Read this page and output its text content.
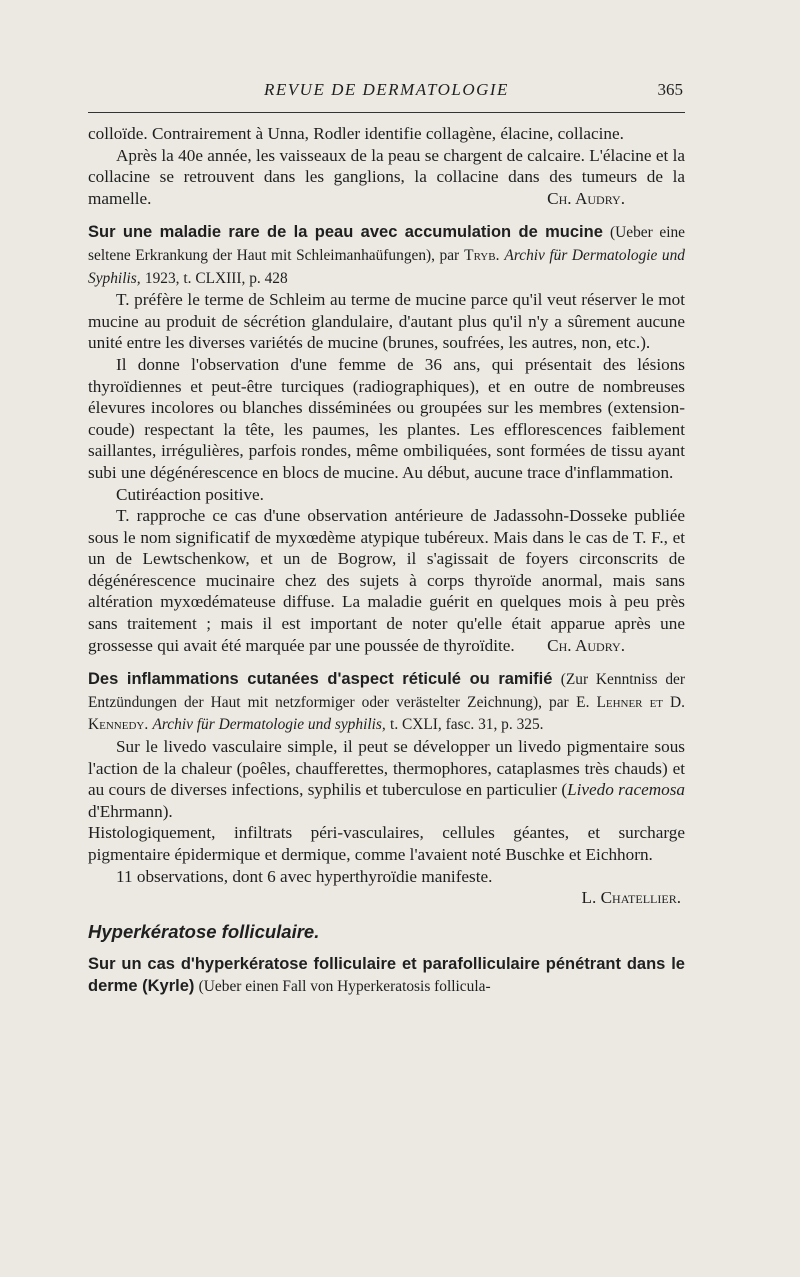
REVUE DE DERMATOLOGIE	365

colloïde. Contrairement à Unna, Rodler identifie collagène, élacine, collacine.

Après la 40e année, les vaisseaux de la peau se chargent de calcaire. L'élacine et la collacine se retrouvent dans les ganglions, la collacine dans des tumeurs de la mamelle.	Ch. Audry.

Sur une maladie rare de la peau avec accumulation de mucine (Ueber eine seltene Erkrankung der Haut mit Schleimanhaüfungen), par Tryb. Archiv für Dermatologie und Syphilis, 1923, t. CLXIII, p. 428

T. préfère le terme de Schleim au terme de mucine parce qu'il veut réserver le mot mucine au produit de sécrétion glandulaire, d'autant plus qu'il n'y a sûrement aucune unité entre les diverses variétés de mucine (brunes, soufrées, les autres, non, etc.).

Il donne l'observation d'une femme de 36 ans, qui présentait des lésions thyroïdiennes et peut-être turciques (radiographiques), et en outre de nombreuses élevures incolores ou blanches disséminées ou groupées sur les membres (extension-coude) respectant la tête, les paumes, les plantes. Les efflorescences faiblement saillantes, irrégulières, parfois rondes, même ombiliquées, sont formées de tissu ayant subi une dégénérescence en blocs de mucine. Au début, aucune trace d'inflammation.

Cutiréaction positive.

T. rapproche ce cas d'une observation antérieure de Jadassohn-Dosseke publiée sous le nom significatif de myxœdème atypique tubéreux. Mais dans le cas de T. F., et un de Lewtschenkow, et un de Bogrow, il s'agissait de foyers circonscrits de dégénérescence mucinaire chez des sujets à corps thyroïde anormal, mais sans altération myxœdémateuse diffuse. La maladie guérit en quelques mois à peu près sans traitement ; mais il est important de noter qu'elle était apparue après une grossesse qui avait été marquée par une poussée de thyroïdite.	Ch. Audry.

Des inflammations cutanées d'aspect réticulé ou ramifié (Zur Kenntniss der Entzündungen der Haut mit netzformiger oder verästelter Zeichnung), par E. Lehner et D. Kennedy. Archiv für Dermatologie und syphilis, t. CXLI, fasc. 31, p. 325.

Sur le livedo vasculaire simple, il peut se développer un livedo pigmentaire sous l'action de la chaleur (poêles, chaufferettes, thermophores, cataplasmes très chauds) et au cours de diverses infections, syphilis et tuberculose en particulier (Livedo racemosa d'Ehrmann).

Histologiquement, infiltrats péri-vasculaires, cellules géantes, et surcharge pigmentaire épidermique et dermique, comme l'avaient noté Buschke et Eichhorn.

11 observations, dont 6 avec hyperthyroïdie manifeste.

L. Chatellier.

Hyperkératose folliculaire.

Sur un cas d'hyperkératose folliculaire et parafolliculaire pénétrant dans le derme (Kyrle) (Ueber einen Fall von Hyperkeratosis follicula-
